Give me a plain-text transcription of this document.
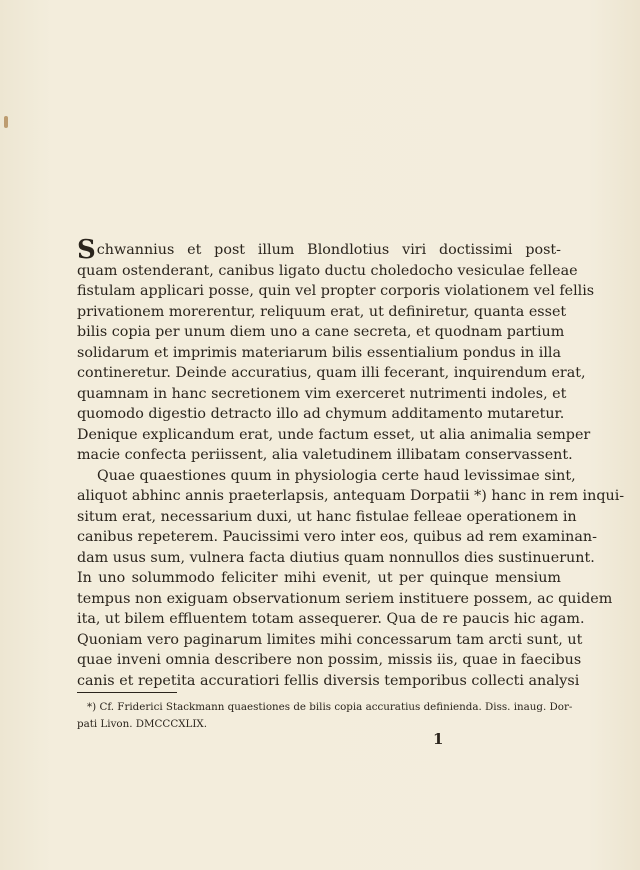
S chwannius et post illum Blondlotius viri doctissimi post-
quam ostenderant, canibus ligato ductu choledocho vesiculae felleae
fistulam applicari posse, quin vel propter corporis violationem vel fellis
privationem morerentur, reliquum erat, ut definiretur, quanta esset
bilis copia per unum diem uno a cane secreta, et quodnam partium
solidarum et imprimis materiarum bilis essentialium pondus in illa
contineretur. Deinde accuratius, quam illi fecerant, inquirendum erat,
quamnam in hanc secretionem vim exerceret nutrimenti indoles, et
quomodo digestio detracto illo ad chymum additamento mutaretur.
Denique explicandum erat, unde factum esset, ut alia animalia semper
macie confecta periissent, alia valetudinem illibatam conservassent.
Quae quaestiones quum in physiologia certe haud levissimae sint,
aliquot abhinc annis praeterlapsis, antequam Dorpatii *) hanc in rem inqui-
situm erat, necessarium duxi, ut hanc fistulae felleae operationem in
canibus repeterem. Paucissimi vero inter eos, quibus ad rem examinan-
dam usus sum, vulnera facta diutius quam nonnullos dies sustinuerunt.
In uno solummodo feliciter mihi evenit, ut per quinque mensium
tempus non exiguam observationum seriem instituere possem, ac quidem
ita, ut bilem effluentem totam assequerer. Qua de re paucis hic agam.
Quoniam vero paginarum limites mihi concessarum tam arcti sunt, ut
quae inveni omnia describere non possim, missis iis, quae in faecibus
canis et repetita accuratiori fellis diversis temporibus collecti analysi
*) Cf. Friderici Stackmann quaestiones de bilis copia accuratius definienda. Diss. inaug. Dor-
pati Livon. DMCCCXLIX.
1
